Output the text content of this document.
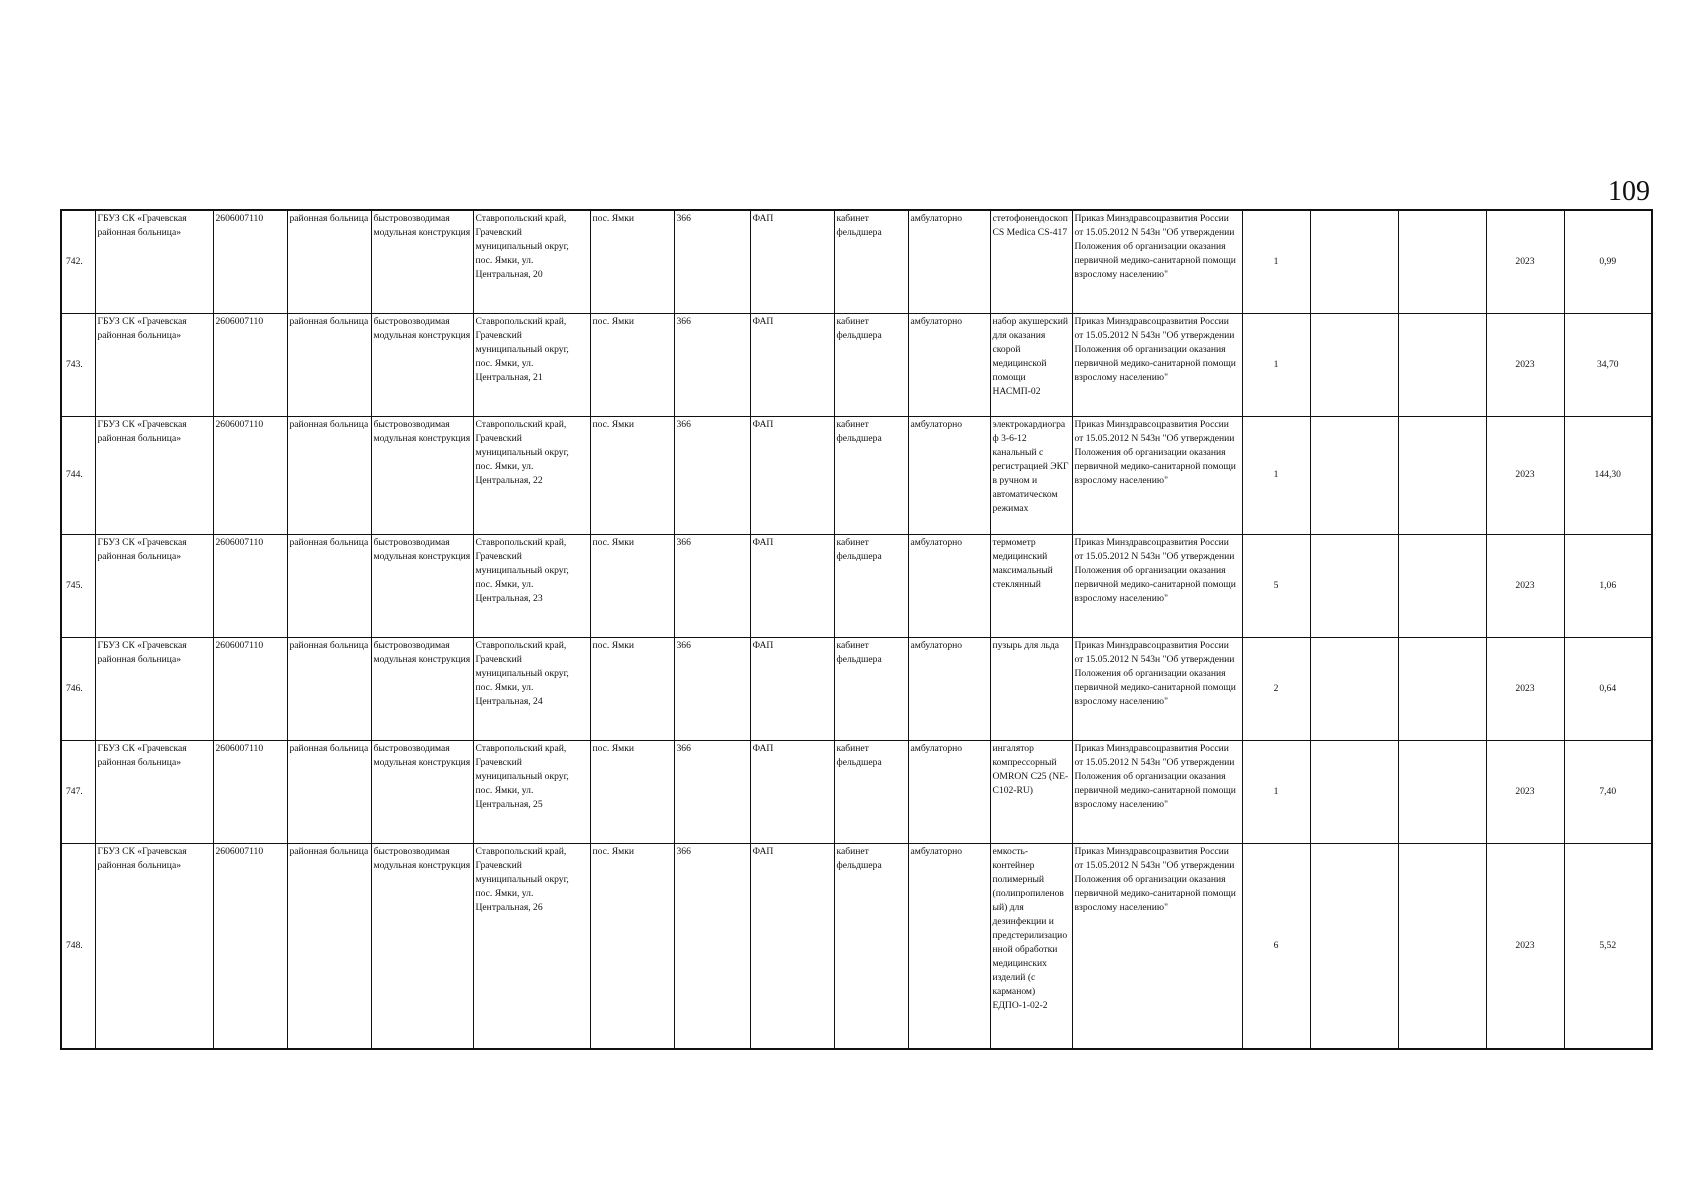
109
742.	ГБУЗ СК «Грачевская районная больница»	2606007110	районная больница	быстровозводимая модульная конструкция	Ставропольский край, Грачевский муниципальный округ, пос. Ямки, ул. Центральная, 20	пос. Ямки	366	ФАП	кабинет фельдшера	амбулаторно	стетофонендоскоп CS Medica CS-417	Приказ Минздравсоцразвития России от 15.05.2012 N 543н "Об утверждении Положения об организации оказания первичной медико-санитарной помощи взрослому населению"	1			2023	0,99
743.	ГБУЗ СК «Грачевская районная больница»	2606007110	районная больница	быстровозводимая модульная конструкция	Ставропольский край, Грачевский муниципальный округ, пос. Ямки, ул. Центральная, 21	пос. Ямки	366	ФАП	кабинет фельдшера	амбулаторно	набор акушерский для оказания скорой медицинской помощи НАСМП-02	Приказ Минздравсоцразвития России от 15.05.2012 N 543н "Об утверждении Положения об организации оказания первичной медико-санитарной помощи взрослому населению"	1			2023	34,70
744.	ГБУЗ СК «Грачевская районная больница»	2606007110	районная больница	быстровозводимая модульная конструкция	Ставропольский край, Грачевский муниципальный округ, пос. Ямки, ул. Центральная, 22	пос. Ямки	366	ФАП	кабинет фельдшера	амбулаторно	электрокардиограф 3-6-12 канальный с регистрацией ЭКГ в ручном и автоматическом режимах	Приказ Минздравсоцразвития России от 15.05.2012 N 543н "Об утверждении Положения об организации оказания первичной медико-санитарной помощи взрослому населению"	1			2023	144,30
745.	ГБУЗ СК «Грачевская районная больница»	2606007110	районная больница	быстровозводимая модульная конструкция	Ставропольский край, Грачевский муниципальный округ, пос. Ямки, ул. Центральная, 23	пос. Ямки	366	ФАП	кабинет фельдшера	амбулаторно	термометр медицинский максимальный стеклянный	Приказ Минздравсоцразвития России от 15.05.2012 N 543н "Об утверждении Положения об организации оказания первичной медико-санитарной помощи взрослому населению"	5			2023	1,06
746.	ГБУЗ СК «Грачевская районная больница»	2606007110	районная больница	быстровозводимая модульная конструкция	Ставропольский край, Грачевский муниципальный округ, пос. Ямки, ул. Центральная, 24	пос. Ямки	366	ФАП	кабинет фельдшера	амбулаторно	пузырь для льда	Приказ Минздравсоцразвития России от 15.05.2012 N 543н "Об утверждении Положения об организации оказания первичной медико-санитарной помощи взрослому населению"	2			2023	0,64
747.	ГБУЗ СК «Грачевская районная больница»	2606007110	районная больница	быстровозводимая модульная конструкция	Ставропольский край, Грачевский муниципальный округ, пос. Ямки, ул. Центральная, 25	пос. Ямки	366	ФАП	кабинет фельдшера	амбулаторно	ингалятор компрессорный OMRON C25 (NE-C102-RU)	Приказ Минздравсоцразвития России от 15.05.2012 N 543н "Об утверждении Положения об организации оказания первичной медико-санитарной помощи взрослому населению"	1			2023	7,40
748.	ГБУЗ СК «Грачевская районная больница»	2606007110	районная больница	быстровозводимая модульная конструкция	Ставропольский край, Грачевский муниципальный округ, пос. Ямки, ул. Центральная, 26	пос. Ямки	366	ФАП	кабинет фельдшера	амбулаторно	емкость-контейнер полимерный (полипропиленовый) для дезинфекции и предстерилизационной обработки медицинских изделий (с карманом) ЕДПО-1-02-2	Приказ Минздравсоцразвития России от 15.05.2012 N 543н "Об утверждении Положения об организации оказания первичной медико-санитарной помощи взрослому населению"	6			2023	5,52
